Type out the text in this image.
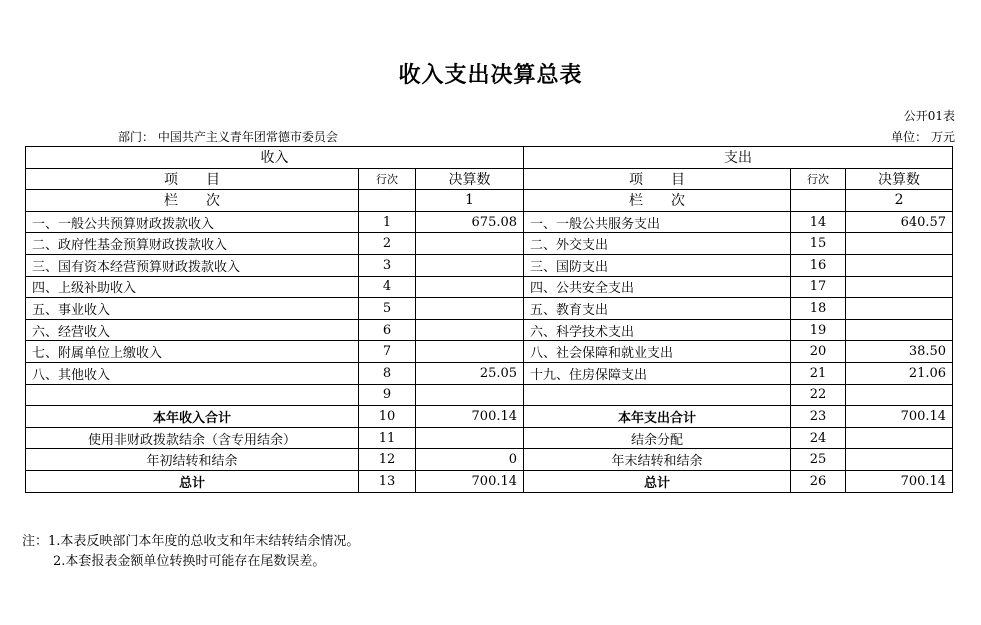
收入支出决算总表
公开01表
部门： 中国共产主义青年团常德市委员会	单位： 万元
收入			支出		
项　　目	行次	决算数	项　　目	行次	决算数
栏　　次		1	栏　　次		2
一、一般公共预算财政拨款收入	1	675.08	一、一般公共服务支出	14	640.57
二、政府性基金预算财政拨款收入	2		二、外交支出	15	
三、国有资本经营预算财政拨款收入	3		三、国防支出	16	
四、上级补助收入	4		四、公共安全支出	17	
五、事业收入	5		五、教育支出	18	
六、经营收入	6		六、科学技术支出	19	
七、附属单位上缴收入	7		八、社会保障和就业支出	20	38.50
八、其他收入	8	25.05	十九、住房保障支出	21	21.06
	9			22	
本年收入合计	10	700.14	本年支出合计	23	700.14
使用非财政拨款结余（含专用结余）	11		结余分配	24	
年初结转和结余	12	0	年末结转和结余	25	
总计	13	700.14	总计	26	700.14
注：1.本表反映部门本年度的总收支和年末结转结余情况。
2.本套报表金额单位转换时可能存在尾数误差。
